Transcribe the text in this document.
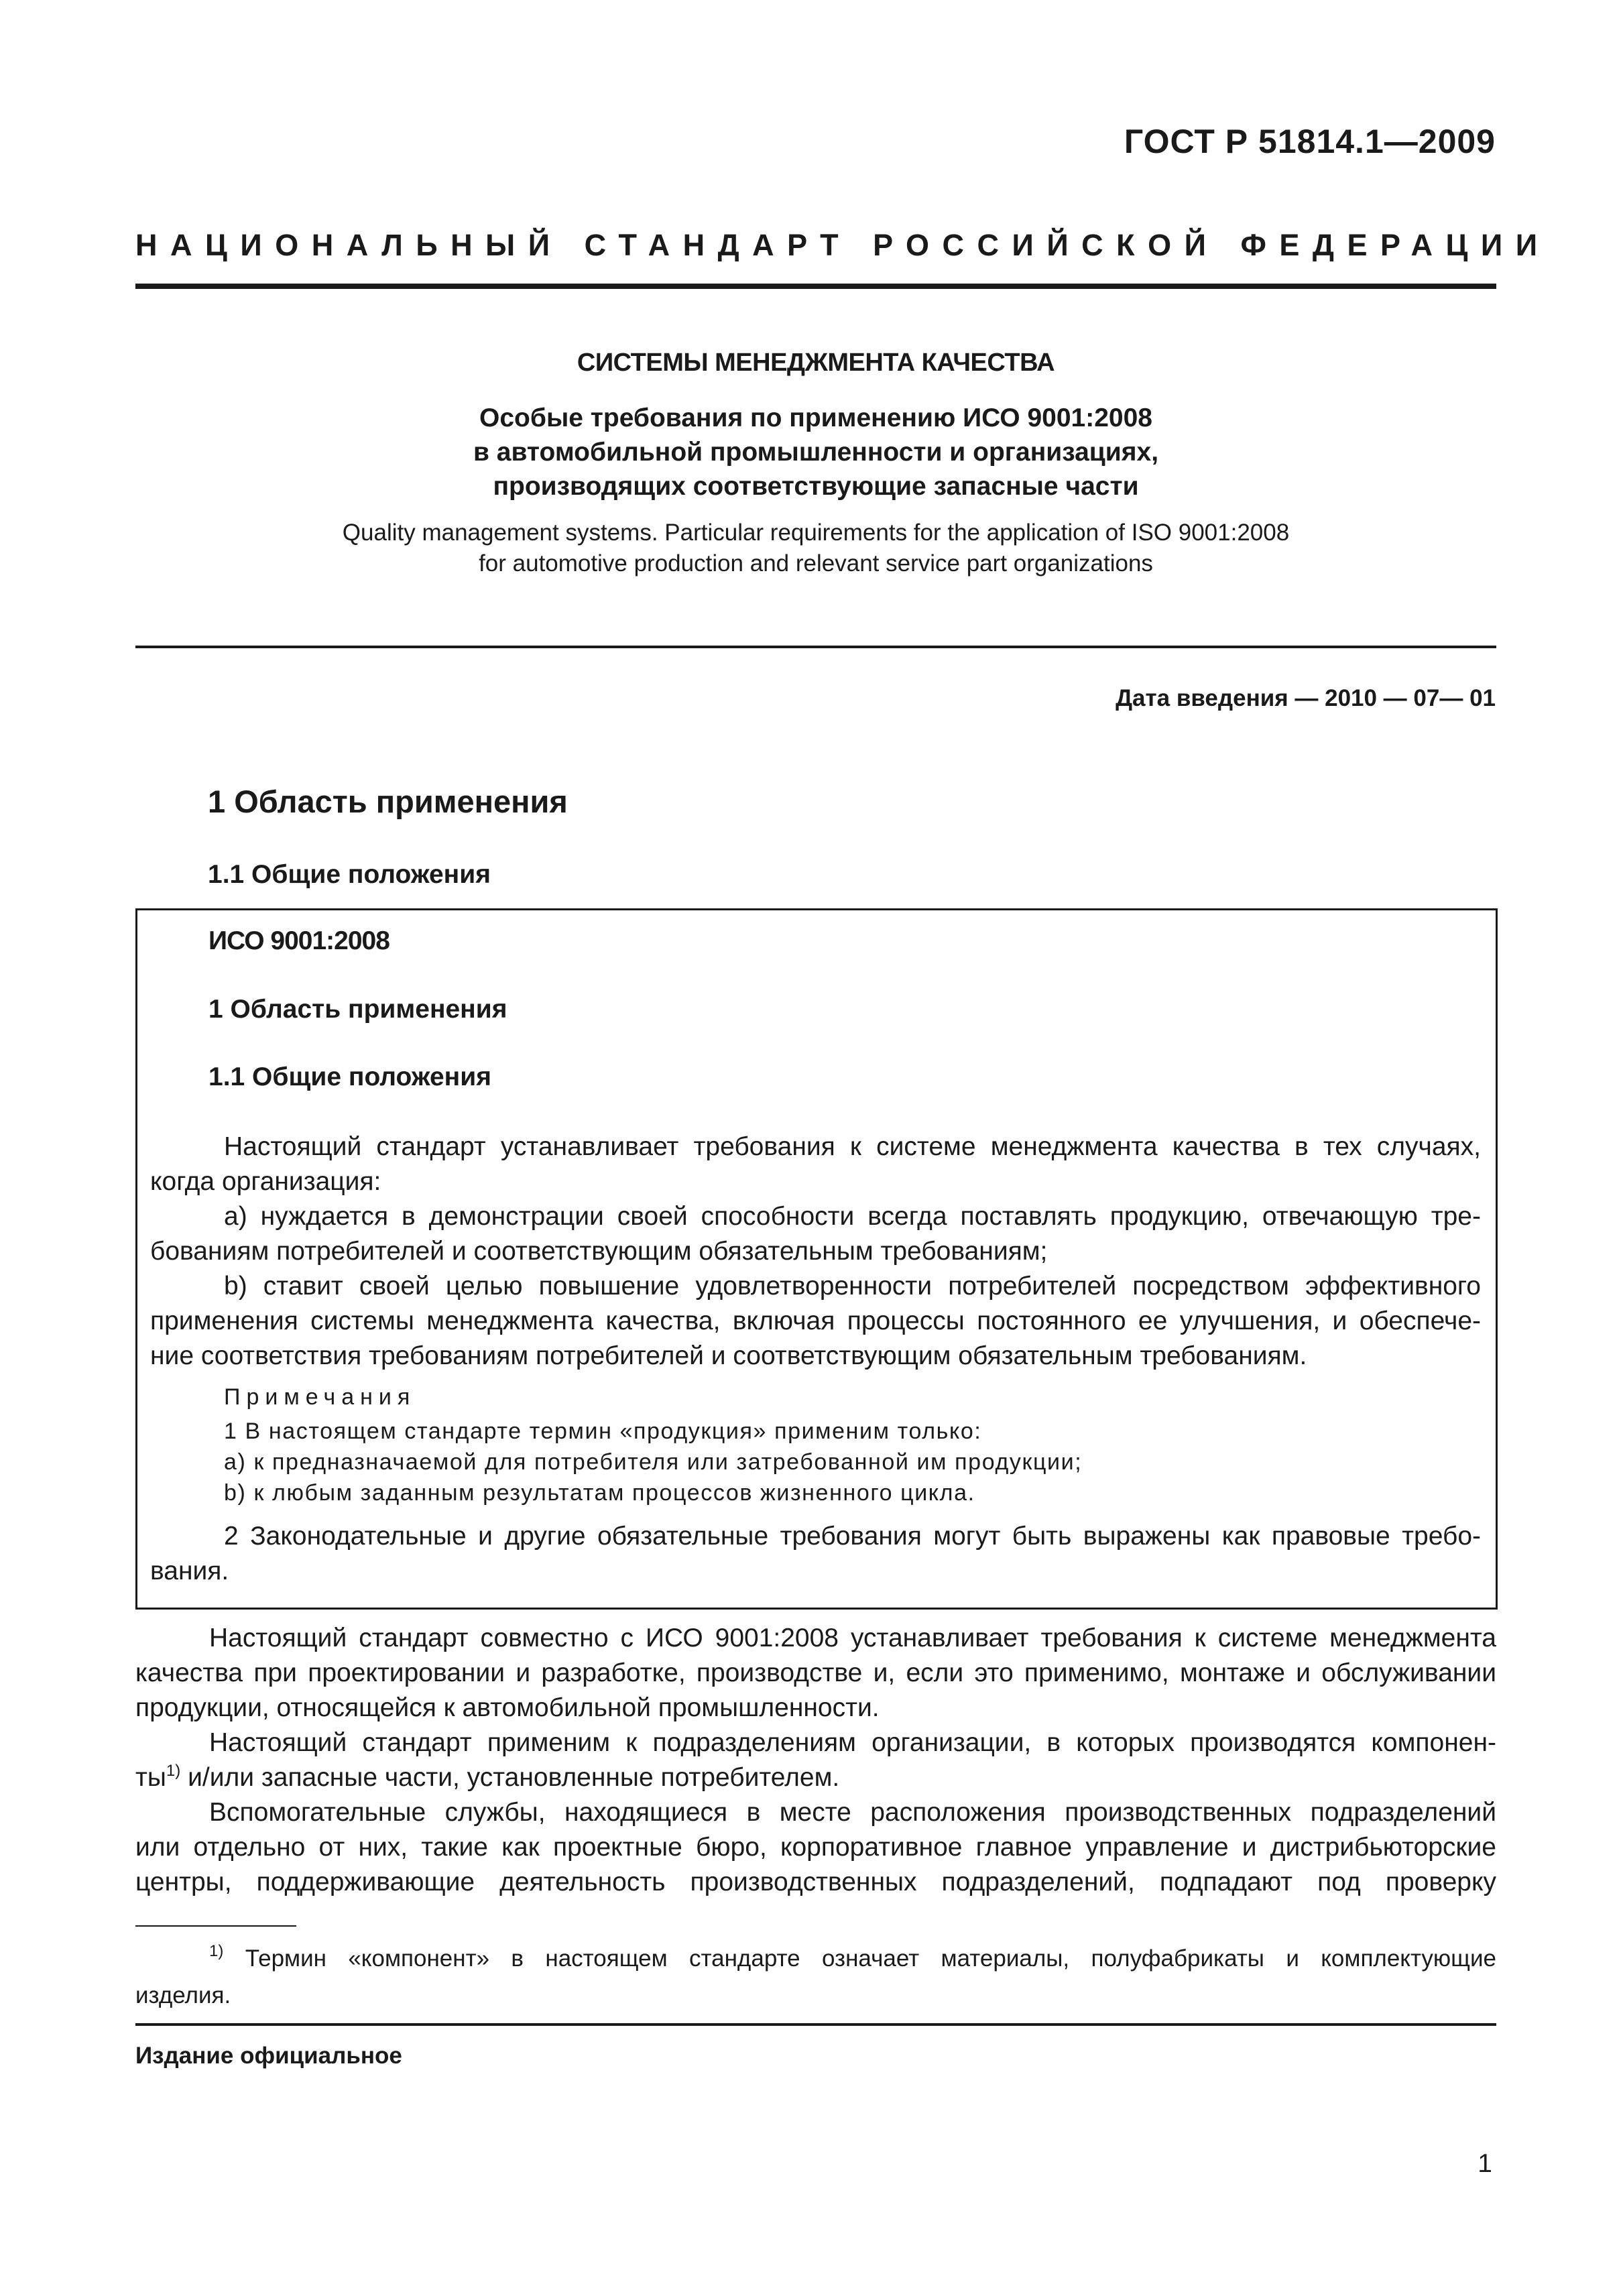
ГОСТ Р 51814.1—2009
НАЦИОНАЛЬНЫЙ СТАНДАРТ РОССИЙСКОЙ ФЕДЕРАЦИИ
СИСТЕМЫ МЕНЕДЖМЕНТА КАЧЕСТВА
Особые требования по применению ИСО 9001:2008
в автомобильной промышленности и организациях,
производящих соответствующие запасные части
Quality management systems. Particular requirements for the application of ISO 9001:2008
for automotive production and relevant service part organizations
Дата введения — 2010 — 07— 01
1 Область применения
1.1 Общие положения
ИСО 9001:2008
1 Область применения
1.1 Общие положения
Настоящий стандарт устанавливает требования к системе менеджмента качества в тех случаях,
когда организация:
a) нуждается в демонстрации своей способности всегда поставлять продукцию, отвечающую тре-
бованиям потребителей и соответствующим обязательным требованиям;
b) ставит своей целью повышение удовлетворенности потребителей посредством эффективного
применения системы менеджмента качества, включая процессы постоянного ее улучшения, и обеспече-
ние соответствия требованиям потребителей и соответствующим обязательным требованиям.
Примечания
1 В настоящем стандарте термин «продукция» применим только:
a) к предназначаемой для потребителя или затребованной им продукции;
b) к любым заданным результатам процессов жизненного цикла.
2 Законодательные и другие обязательные требования могут быть выражены как правовые требо-
вания.
Настоящий стандарт совместно с ИСО 9001:2008 устанавливает требования к системе менеджмента
качества при проектировании и разработке, производстве и, если это применимо, монтаже и обслуживании
продукции, относящейся к автомобильной промышленности.
Настоящий стандарт применим к подразделениям организации, в которых производятся компонен-
$ты^{1)}$ и/или запасные части, установленные потребителем.
Вспомогательные службы, находящиеся в месте расположения производственных подразделений
или отдельно от них, такие как проектные бюро, корпоративное главное управление и дистрибьюторские
центры, поддерживающие деятельность производственных подразделений, подпадают под проверку
$^{1)}$ Термин «компонент» в настоящем стандарте означает материалы, полуфабрикаты и комплектующие
изделия.
Издание официальное
1
